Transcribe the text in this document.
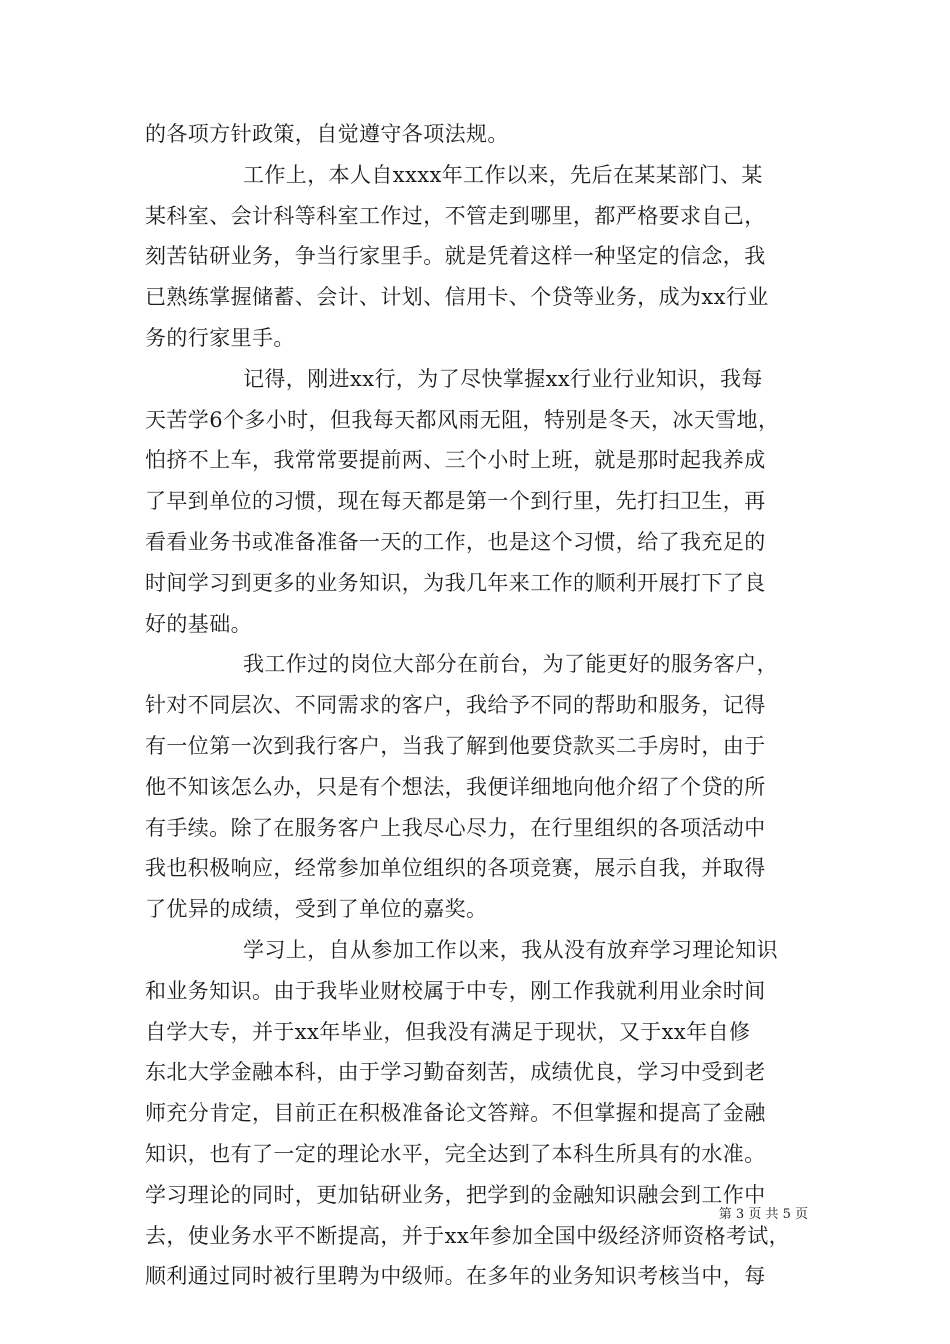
的各项方针政策，自觉遵守各项法规。
工作上，本人自xxxx年工作以来，先后在某某部门、某
某科室、会计科等科室工作过，不管走到哪里，都严格要求自己，
刻苦钻研业务，争当行家里手。就是凭着这样一种坚定的信念，我
已熟练掌握储蓄、会计、计划、信用卡、个贷等业务，成为xx行业
务的行家里手。
记得，刚进xx行，为了尽快掌握xx行业行业知识，我每
天苦学6个多小时，但我每天都风雨无阻，特别是冬天，冰天雪地，
怕挤不上车，我常常要提前两、三个小时上班，就是那时起我养成
了早到单位的习惯，现在每天都是第一个到行里，先打扫卫生，再
看看业务书或准备准备一天的工作，也是这个习惯，给了我充足的
时间学习到更多的业务知识，为我几年来工作的顺利开展打下了良
好的基础。
我工作过的岗位大部分在前台，为了能更好的服务客户，
针对不同层次、不同需求的客户，我给予不同的帮助和服务，记得
有一位第一次到我行客户，当我了解到他要贷款买二手房时，由于
他不知该怎么办，只是有个想法，我便详细地向他介绍了个贷的所
有手续。除了在服务客户上我尽心尽力，在行里组织的各项活动中
我也积极响应，经常参加单位组织的各项竞赛，展示自我，并取得
了优异的成绩，受到了单位的嘉奖。
学习上，自从参加工作以来，我从没有放弃学习理论知识
和业务知识。由于我毕业财校属于中专，刚工作我就利用业余时间
自学大专，并于xx年毕业，但我没有满足于现状，又于xx年自修
东北大学金融本科，由于学习勤奋刻苦，成绩优良，学习中受到老
师充分肯定，目前正在积极准备论文答辩。不但掌握和提高了金融
知识，也有了一定的理论水平，完全达到了本科生所具有的水准。
学习理论的同时，更加钻研业务，把学到的金融知识融会到工作中
去，使业务水平不断提高，并于xx年参加全国中级经济师资格考试，
顺利通过同时被行里聘为中级师。在多年的业务知识考核当中，每
第 3 页 共 5 页
